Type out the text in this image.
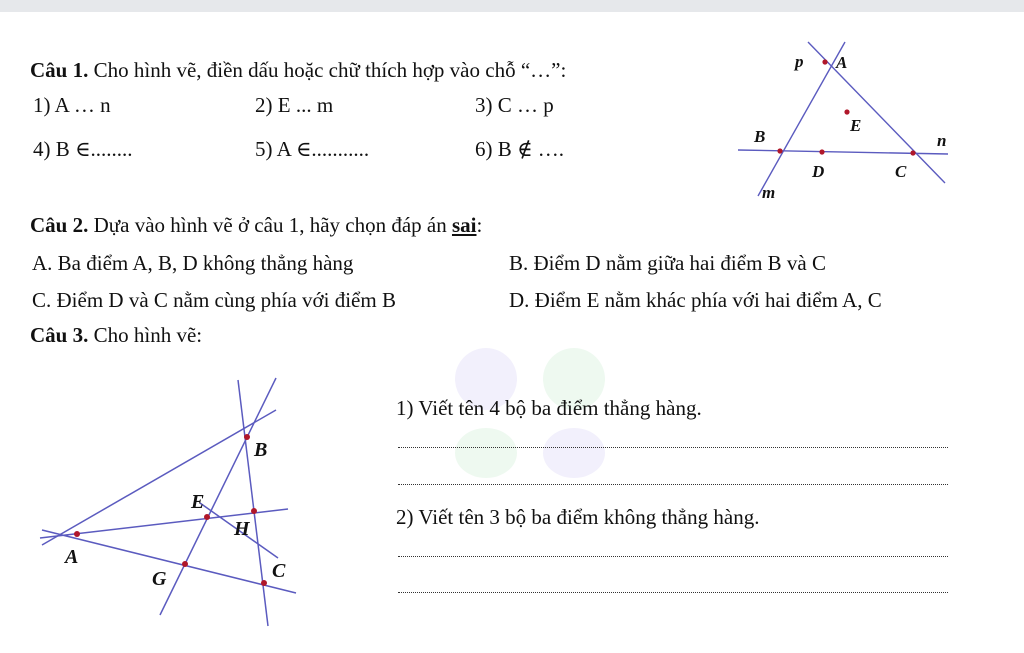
Câu 1. Cho hình vẽ, điền dấu hoặc chữ thích hợp vào chỗ “…”:
1) A … n	2) E ... m	3) C … p
4) B ∈........	5) A ∈...........	6) B ∉ ….
p A
E
B	n
D	C
m
Câu 2. Dựa vào hình vẽ ở câu 1, hãy chọn đáp án sai:
A. Ba điểm A, B, D không thẳng hàng	B. Điểm D nằm giữa hai điểm B và C
C. Điểm D và C nằm cùng phía với điểm B	D. Điểm E nằm khác phía với hai điểm A, C
Câu 3. Cho hình vẽ:
1) Viết tên 4 bộ ba điểm thẳng hàng.
2) Viết tên 3 bộ ba điểm không thẳng hàng.
B
E
H
A
G	C
